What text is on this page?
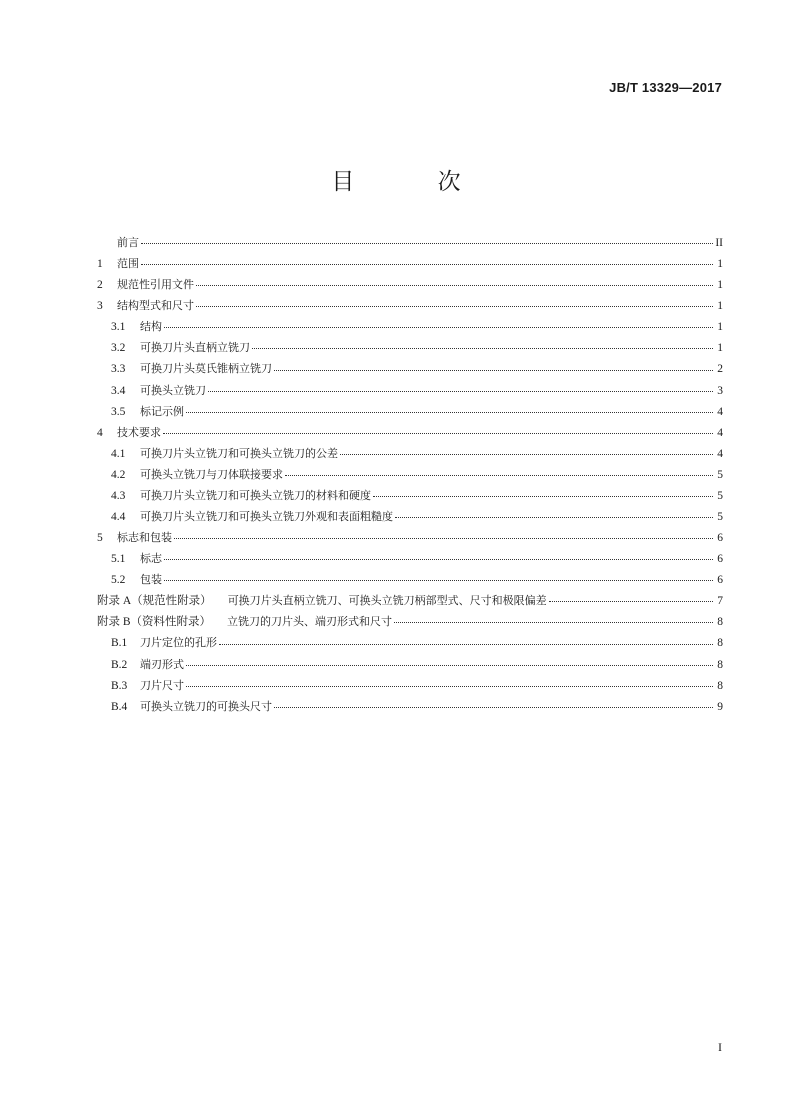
JB/T 13329—2017
目 次
前言	II
1	范围	1
2	规范性引用文件	1
3	结构型式和尺寸	1
3.1	结构	1
3.2	可换刀片头直柄立铣刀	1
3.3	可换刀片头莫氏锥柄立铣刀	2
3.4	可换头立铣刀	3
3.5	标记示例	4
4	技术要求	4
4.1	可换刀片头立铣刀和可换头立铣刀的公差	4
4.2	可换头立铣刀与刀体联接要求	5
4.3	可换刀片头立铣刀和可换头立铣刀的材料和硬度	5
4.4	可换刀片头立铣刀和可换头立铣刀外观和表面粗糙度	5
5	标志和包装	6
5.1	标志	6
5.2	包装	6
附录 A（规范性附录） 可换刀片头直柄立铣刀、可换头立铣刀柄部型式、尺寸和极限偏差	7
附录 B（资料性附录） 立铣刀的刀片头、端刃形式和尺寸	8
B.1	刀片定位的孔形	8
B.2	端刃形式	8
B.3	刀片尺寸	8
B.4	可换头立铣刀的可换头尺寸	9
I
